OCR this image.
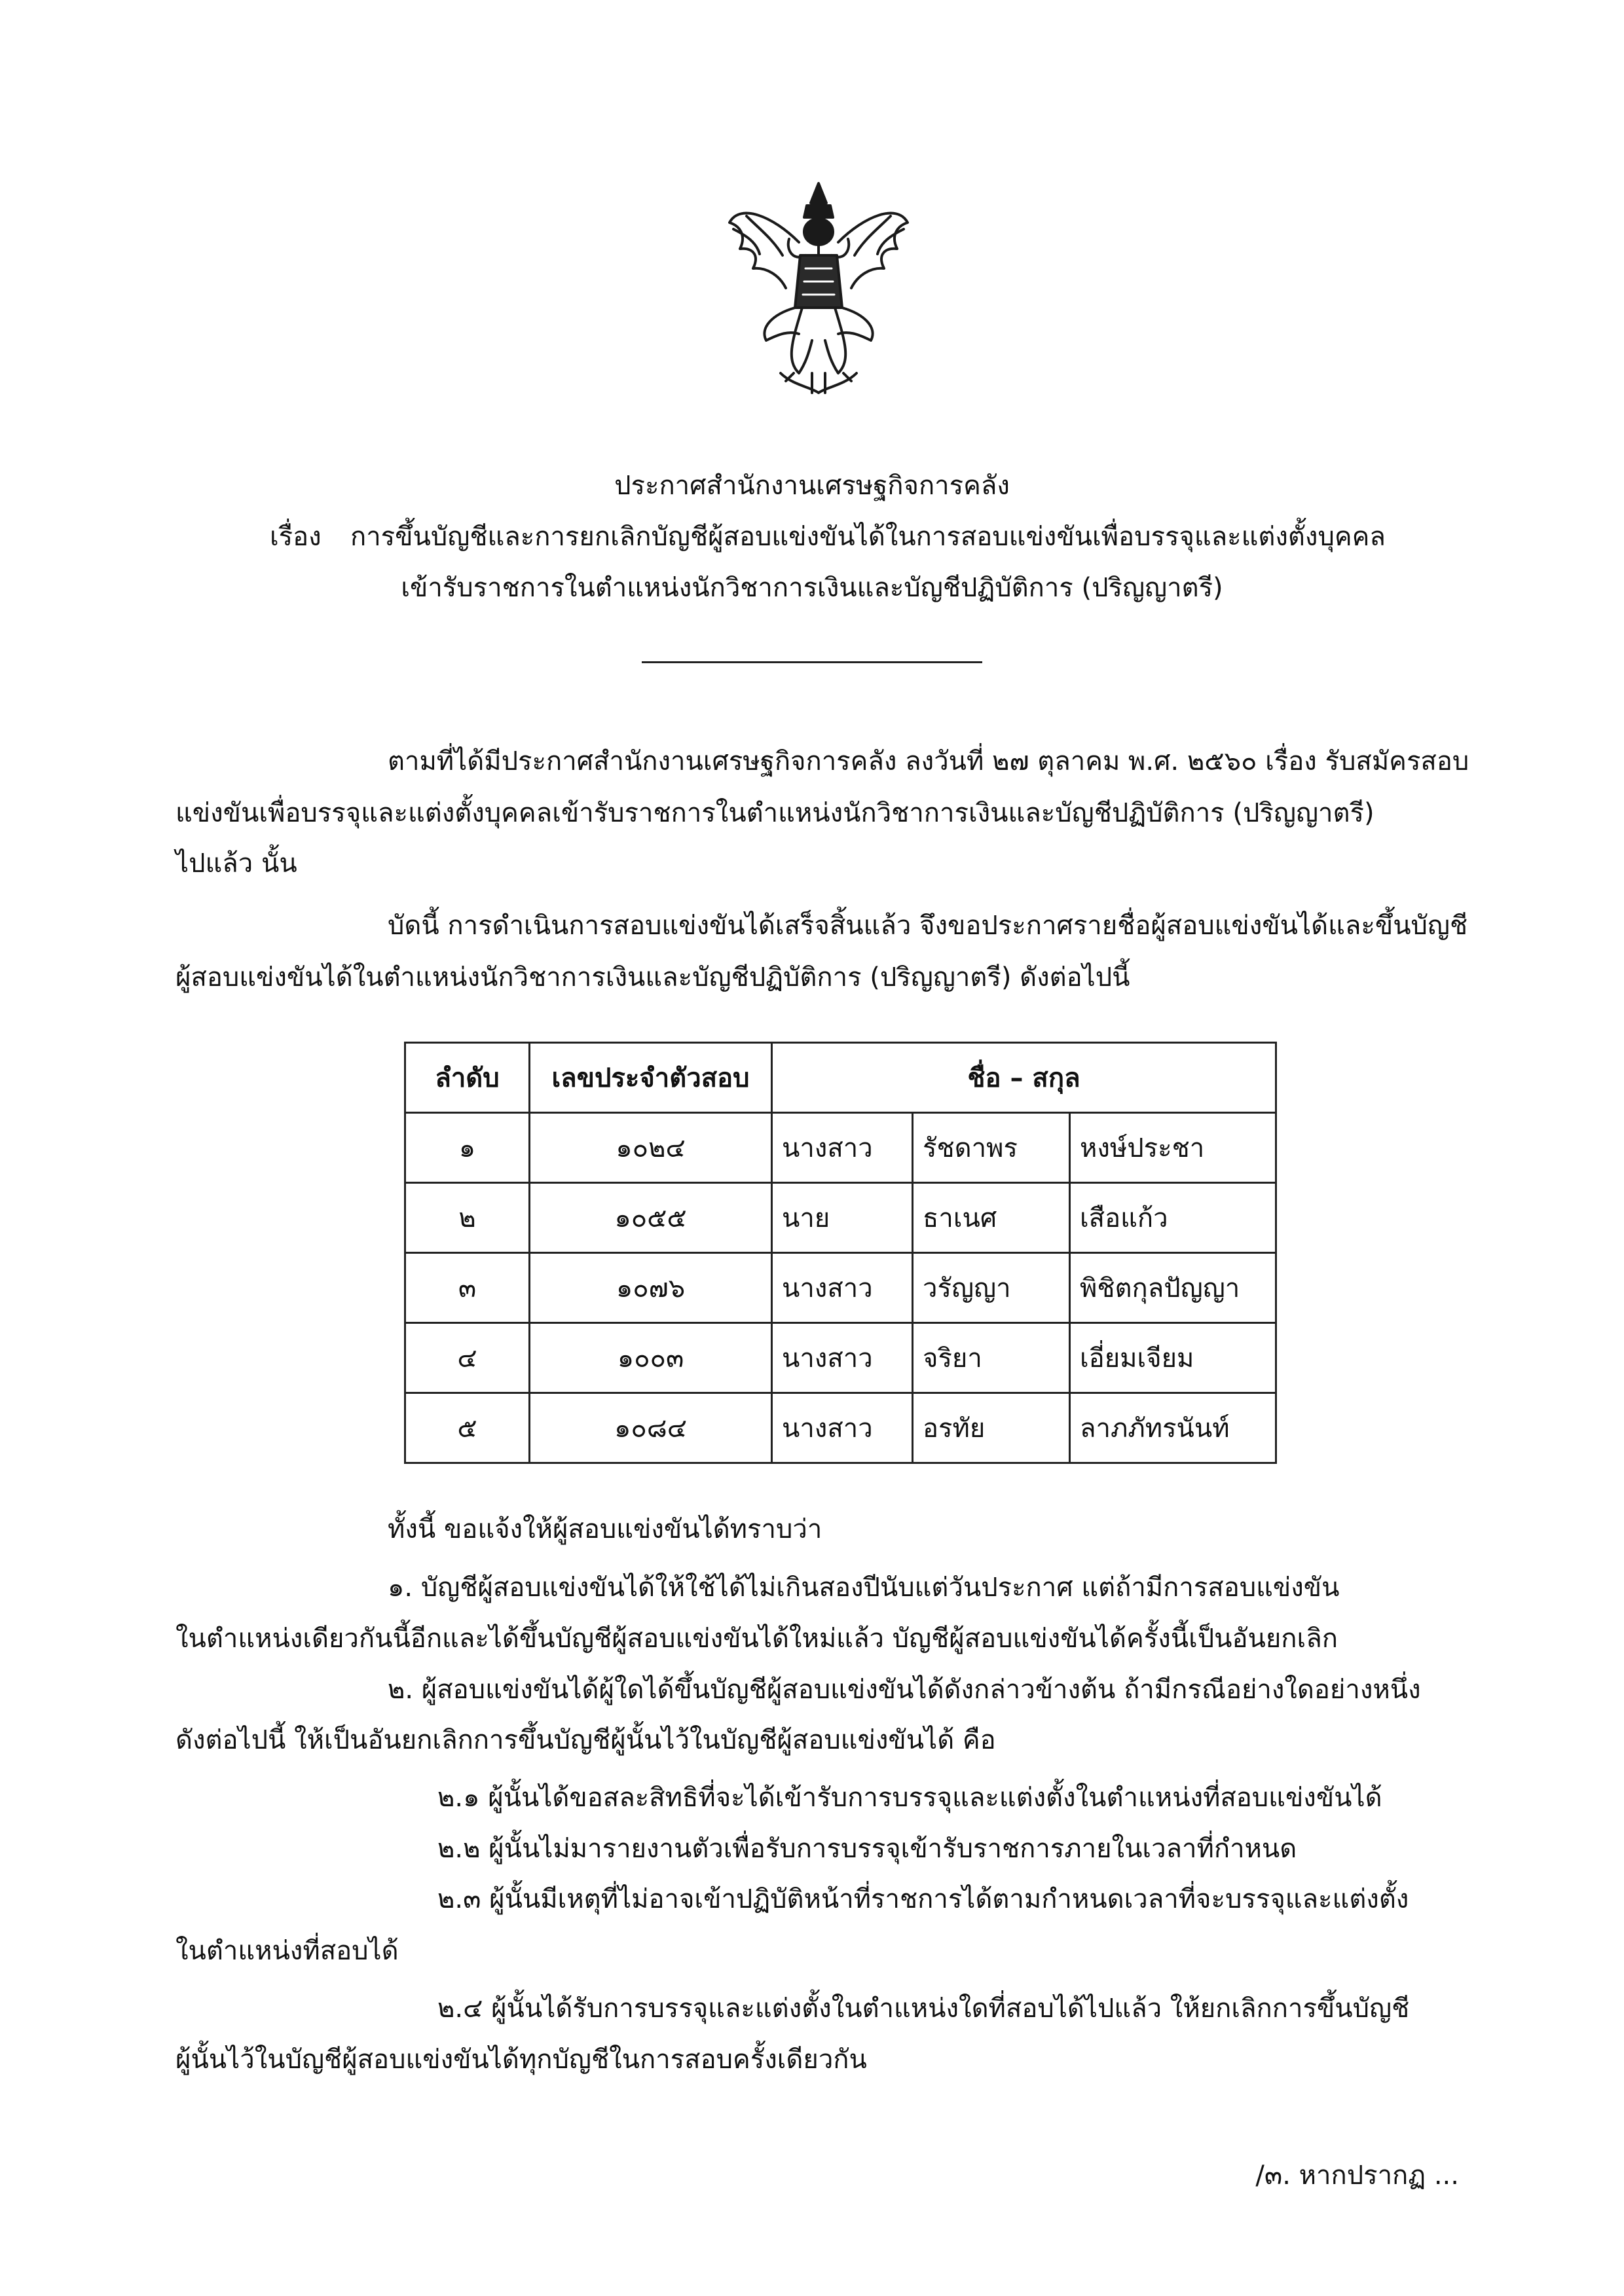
ประกาศสำนักงานเศรษฐกิจการคลัง
เรื่อง การขึ้นบัญชีและการยกเลิกบัญชีผู้สอบแข่งขันได้ในการสอบแข่งขันเพื่อบรรจุและแต่งตั้งบุคคล
เข้ารับราชการในตำแหน่งนักวิชาการเงินและบัญชีปฏิบัติการ (ปริญญาตรี)
ตามที่ได้มีประกาศสำนักงานเศรษฐกิจการคลัง ลงวันที่ ๒๗ ตุลาคม พ.ศ. ๒๕๖๐ เรื่อง รับสมัครสอบ
แข่งขันเพื่อบรรจุและแต่งตั้งบุคคลเข้ารับราชการในตำแหน่งนักวิชาการเงินและบัญชีปฏิบัติการ (ปริญญาตรี)
ไปแล้ว นั้น
บัดนี้ การดำเนินการสอบแข่งขันได้เสร็จสิ้นแล้ว จึงขอประกาศรายชื่อผู้สอบแข่งขันได้และขึ้นบัญชี
ผู้สอบแข่งขันได้ในตำแหน่งนักวิชาการเงินและบัญชีปฏิบัติการ (ปริญญาตรี) ดังต่อไปนี้
ลำดับ	เลขประจำตัวสอบ	ชื่อ – สกุล		
๑	๑๐๒๔	นางสาว	รัชดาพร	หงษ์ประชา
๒	๑๐๕๕	นาย	ธาเนศ	เสือแก้ว
๓	๑๐๗๖	นางสาว	วรัญญา	พิชิตกุลปัญญา
๔	๑๐๐๓	นางสาว	จริยา	เอี่ยมเจียม
๕	๑๐๘๔	นางสาว	อรทัย	ลาภภัทรนันท์
ทั้งนี้ ขอแจ้งให้ผู้สอบแข่งขันได้ทราบว่า
๑. บัญชีผู้สอบแข่งขันได้ให้ใช้ได้ไม่เกินสองปีนับแต่วันประกาศ แต่ถ้ามีการสอบแข่งขัน
ในตำแหน่งเดียวกันนี้อีกและได้ขึ้นบัญชีผู้สอบแข่งขันได้ใหม่แล้ว บัญชีผู้สอบแข่งขันได้ครั้งนี้เป็นอันยกเลิก
๒. ผู้สอบแข่งขันได้ผู้ใดได้ขึ้นบัญชีผู้สอบแข่งขันได้ดังกล่าวข้างต้น ถ้ามีกรณีอย่างใดอย่างหนึ่ง
ดังต่อไปนี้ ให้เป็นอันยกเลิกการขึ้นบัญชีผู้นั้นไว้ในบัญชีผู้สอบแข่งขันได้ คือ
๒.๑ ผู้นั้นได้ขอสละสิทธิที่จะได้เข้ารับการบรรจุและแต่งตั้งในตำแหน่งที่สอบแข่งขันได้
๒.๒ ผู้นั้นไม่มารายงานตัวเพื่อรับการบรรจุเข้ารับราชการภายในเวลาที่กำหนด
๒.๓ ผู้นั้นมีเหตุที่ไม่อาจเข้าปฏิบัติหน้าที่ราชการได้ตามกำหนดเวลาที่จะบรรจุและแต่งตั้ง
ในตำแหน่งที่สอบได้
๒.๔ ผู้นั้นได้รับการบรรจุและแต่งตั้งในตำแหน่งใดที่สอบได้ไปแล้ว ให้ยกเลิกการขึ้นบัญชี
ผู้นั้นไว้ในบัญชีผู้สอบแข่งขันได้ทุกบัญชีในการสอบครั้งเดียวกัน
/๓. หากปรากฏ ...
